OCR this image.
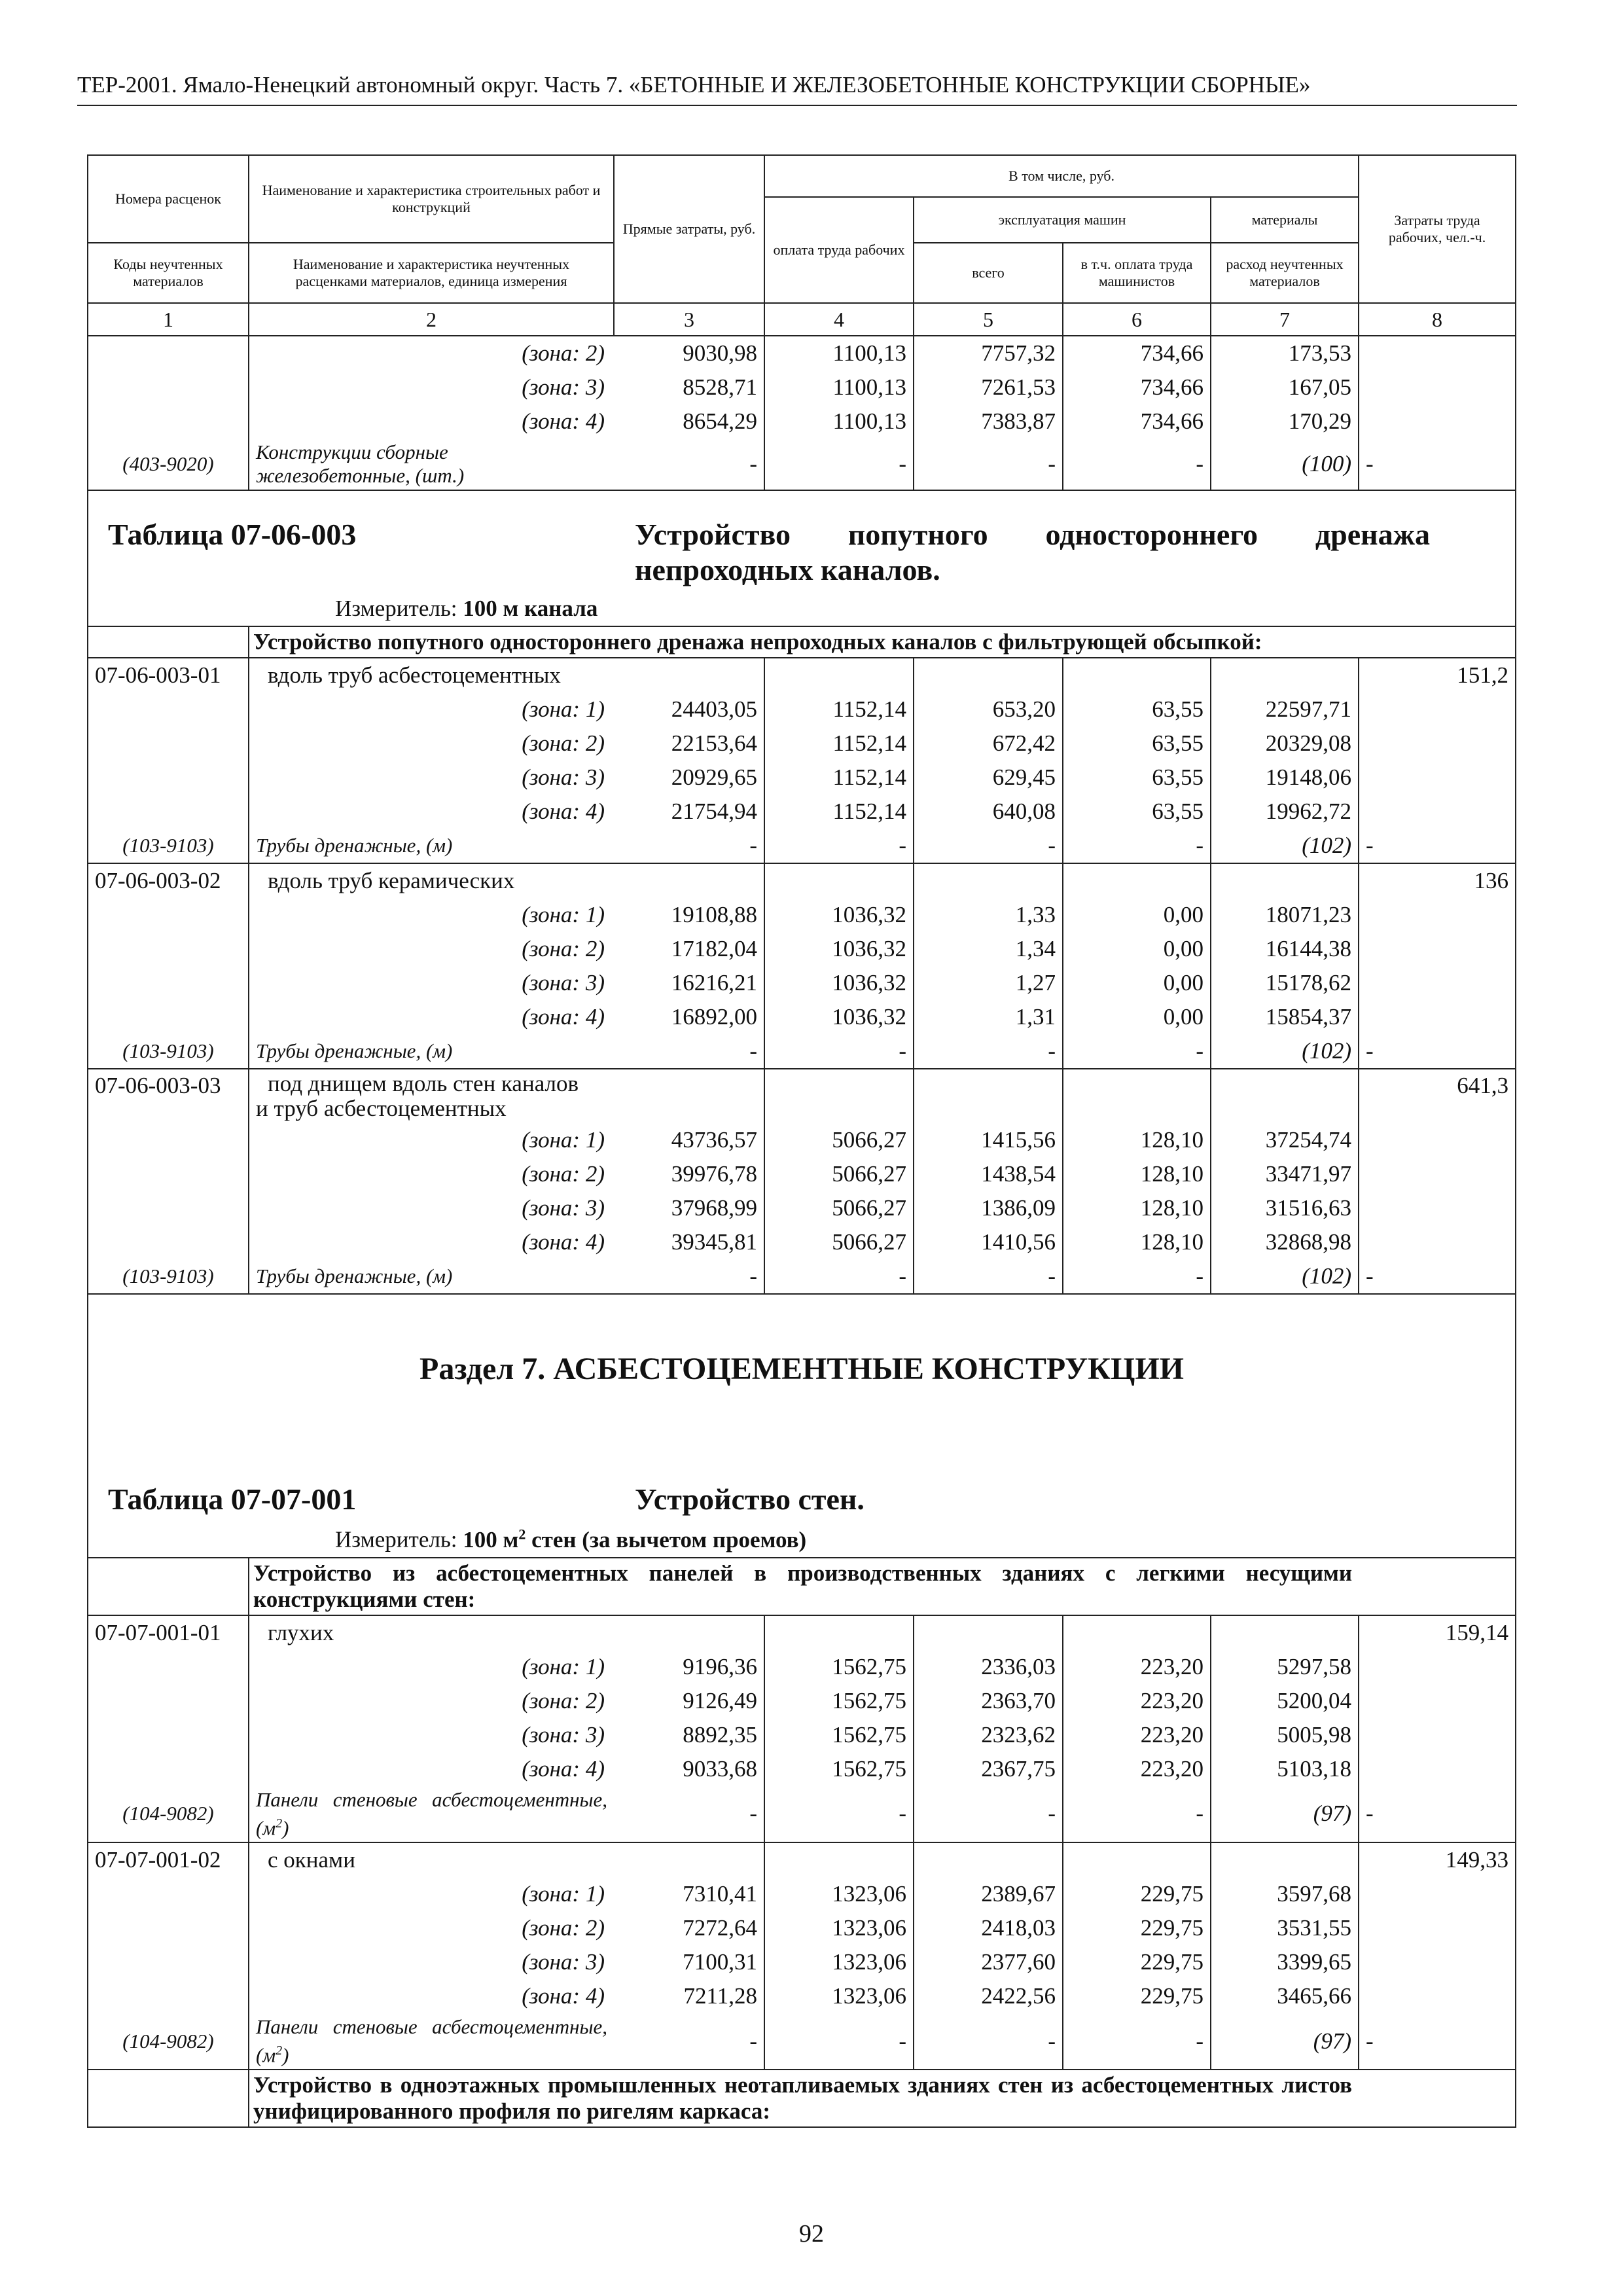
ТЕР-2001. Ямало-Ненецкий автономный округ. Часть 7. «БЕТОННЫЕ И ЖЕЛЕЗОБЕТОННЫЕ КОНСТРУКЦИИ СБОРНЫЕ»
Номера расценок	Наименование и характеристика строительных работ и конструкций	Прямые затраты, руб.	В том числе, руб.				Затраты труда рабочих, чел.-ч.
			оплата труда рабочих	эксплуатация машин		материалы	
Коды неучтенных материалов	Наименование и характеристика неучтенных расценками материалов, единица измерения			всего	в т.ч. оплата труда машинистов	расход неучтенных материалов	
1	2	3	4	5	6	7	8
	(зона: 2)	9030,98	1100,13	7757,32	734,66	173,53	
	(зона: 3)	8528,71	1100,13	7261,53	734,66	167,05	
	(зона: 4)	8654,29	1100,13	7383,87	734,66	170,29	
(403-9020)	Конструкции сборные железобетонные, (шт.)	-	-	-	-	(100)	-

Таблица 07-06-003 Устройство попутного одностороннего дренажа
непроходных каналов.
Измеритель: 100 м канала							

	Устройство попутного одностороннего дренажа непроходных каналов с фильтрующей обсыпкой:						
07-06-003-01	вдоль труб асбестоцементных						151,2
	(зона: 1)	24403,05	1152,14	653,20	63,55	22597,71	
	(зона: 2)	22153,64	1152,14	672,42	63,55	20329,08	
	(зона: 3)	20929,65	1152,14	629,45	63,55	19148,06	
	(зона: 4)	21754,94	1152,14	640,08	63,55	19962,72	
(103-9103)	Трубы дренажные, (м)	-	-	-	-	(102)	-
07-06-003-02	вдоль труб керамических						136
	(зона: 1)	19108,88	1036,32	1,33	0,00	18071,23	
	(зона: 2)	17182,04	1036,32	1,34	0,00	16144,38	
	(зона: 3)	16216,21	1036,32	1,27	0,00	15178,62	
	(зона: 4)	16892,00	1036,32	1,31	0,00	15854,37	
(103-9103)	Трубы дренажные, (м)	-	-	-	-	(102)	-
07-06-003-03	под днищем вдоль стен каналов
и труб асбестоцементных						641,3
	(зона: 1)	43736,57	5066,27	1415,56	128,10	37254,74	
	(зона: 2)	39976,78	5066,27	1438,54	128,10	33471,97	
	(зона: 3)	37968,99	5066,27	1386,09	128,10	31516,63	
	(зона: 4)	39345,81	5066,27	1410,56	128,10	32868,98	
(103-9103)	Трубы дренажные, (м)	-	-	-	-	(102)	-

Раздел 7. АСБЕСТОЦЕМЕНТНЫЕ КОНСТРУКЦИИ
Таблица 07-07-001 Устройство стен.
Измеритель: 100 $м^2$ стен (за вычетом проемов)							

	Устройство из асбестоцементных панелей в производственных зданиях с легкими несущими конструкциями стен:						
07-07-001-01	глухих						159,14
	(зона: 1)	9196,36	1562,75	2336,03	223,20	5297,58	
	(зона: 2)	9126,49	1562,75	2363,70	223,20	5200,04	
	(зона: 3)	8892,35	1562,75	2323,62	223,20	5005,98	
	(зона: 4)	9033,68	1562,75	2367,75	223,20	5103,18	
(104-9082)	Панели стеновые асбестоцементные, $(м^2)$	-	-	-	-	(97)	-
07-07-001-02	с окнами						149,33
	(зона: 1)	7310,41	1323,06	2389,67	229,75	3597,68	
	(зона: 2)	7272,64	1323,06	2418,03	229,75	3531,55	
	(зона: 3)	7100,31	1323,06	2377,60	229,75	3399,65	
	(зона: 4)	7211,28	1323,06	2422,56	229,75	3465,66	
(104-9082)	Панели стеновые асбестоцементные, $(м^2)$	-	-	-	-	(97)	-
	Устройство в одноэтажных промышленных неотапливаемых зданиях стен из асбестоцементных листов унифицированного профиля по ригелям каркаса:						
92
